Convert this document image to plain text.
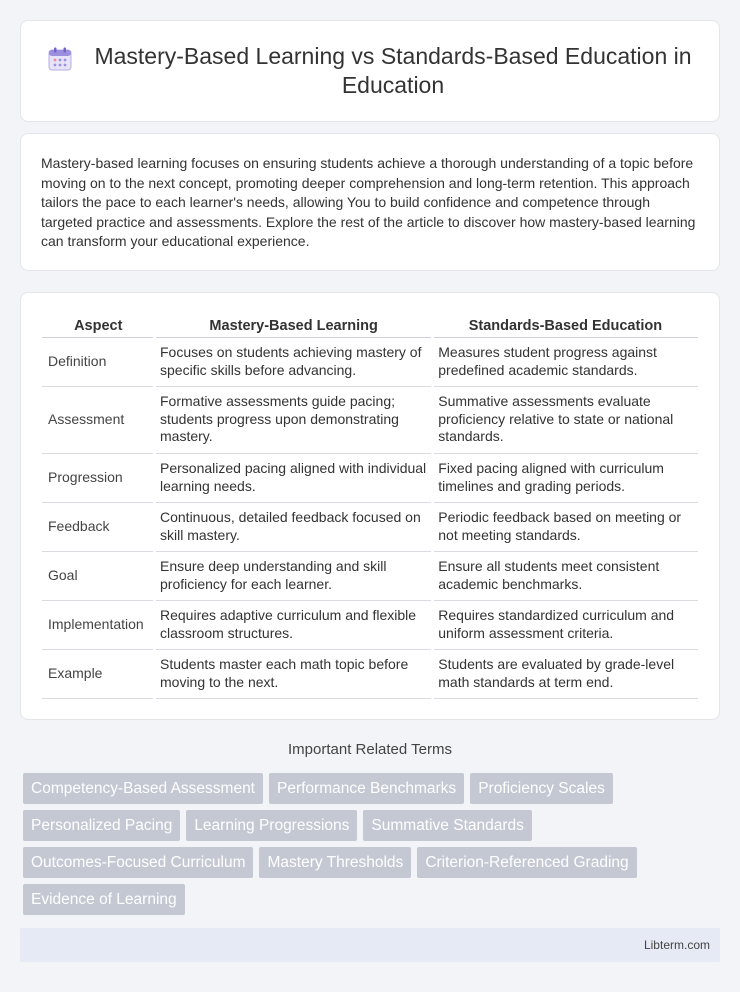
Mastery-Based Learning vs Standards-Based Education in Education

Mastery-based learning focuses on ensuring students achieve a thorough understanding of a topic before moving on to the next concept, promoting deeper comprehension and long-term retention. This approach tailors the pace to each learner's needs, allowing You to build confidence and competence through targeted practice and assessments. Explore the rest of the article to discover how mastery-based learning can transform your educational experience.

Aspect	Mastery-Based Learning	Standards-Based Education
Definition	Focuses on students achieving mastery of specific skills before advancing.	Measures student progress against predefined academic standards.
Assessment	Formative assessments guide pacing; students progress upon demonstrating mastery.	Summative assessments evaluate proficiency relative to state or national standards.
Progression	Personalized pacing aligned with individual learning needs.	Fixed pacing aligned with curriculum timelines and grading periods.
Feedback	Continuous, detailed feedback focused on skill mastery.	Periodic feedback based on meeting or not meeting standards.
Goal	Ensure deep understanding and skill proficiency for each learner.	Ensure all students meet consistent academic benchmarks.
Implementation	Requires adaptive curriculum and flexible classroom structures.	Requires standardized curriculum and uniform assessment criteria.
Example	Students master each math topic before moving to the next.	Students are evaluated by grade-level math standards at term end.
Important Related Terms
Competency-Based Assessment Performance Benchmarks Proficiency Scales
Personalized Pacing Learning Progressions Summative Standards
Outcomes-Focused Curriculum Mastery Thresholds Criterion-Referenced Grading
Evidence of Learning
Libterm.com
